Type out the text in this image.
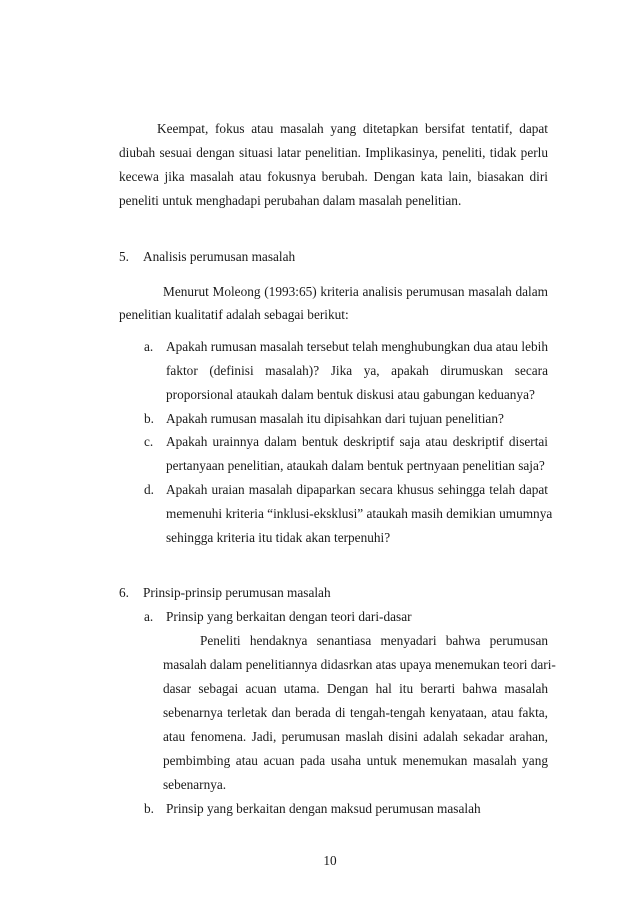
Keempat, fokus atau masalah yang ditetapkan bersifat tentatif, dapat
diubah sesuai dengan situasi latar penelitian. Implikasinya, peneliti, tidak perlu
kecewa jika masalah atau fokusnya berubah. Dengan kata lain, biasakan diri
peneliti untuk menghadapi perubahan dalam masalah penelitian.
5. Analisis perumusan masalah
Menurut Moleong (1993:65) kriteria analisis perumusan masalah dalam
penelitian kualitatif adalah sebagai berikut:
a. Apakah rumusan masalah tersebut telah menghubungkan dua atau lebih
faktor (definisi masalah)? Jika ya, apakah dirumuskan secara
proporsional ataukah dalam bentuk diskusi atau gabungan keduanya?
b. Apakah rumusan masalah itu dipisahkan dari tujuan penelitian?
c. Apakah urainnya dalam bentuk deskriptif saja atau deskriptif disertai
pertanyaan penelitian, ataukah dalam bentuk pertnyaan penelitian saja?
d. Apakah uraian masalah dipaparkan secara khusus sehingga telah dapat
memenuhi kriteria “inklusi-eksklusi” ataukah masih demikian umumnya
sehingga kriteria itu tidak akan terpenuhi?
6. Prinsip-prinsip perumusan masalah
a. Prinsip yang berkaitan dengan teori dari-dasar
Peneliti hendaknya senantiasa menyadari bahwa perumusan
masalah dalam penelitiannya didasrkan atas upaya menemukan teori dari-
dasar sebagai acuan utama. Dengan hal itu berarti bahwa masalah
sebenarnya terletak dan berada di tengah-tengah kenyataan, atau fakta,
atau fenomena. Jadi, perumusan maslah disini adalah sekadar arahan,
pembimbing atau acuan pada usaha untuk menemukan masalah yang
sebenarnya.
b. Prinsip yang berkaitan dengan maksud perumusan masalah
10
